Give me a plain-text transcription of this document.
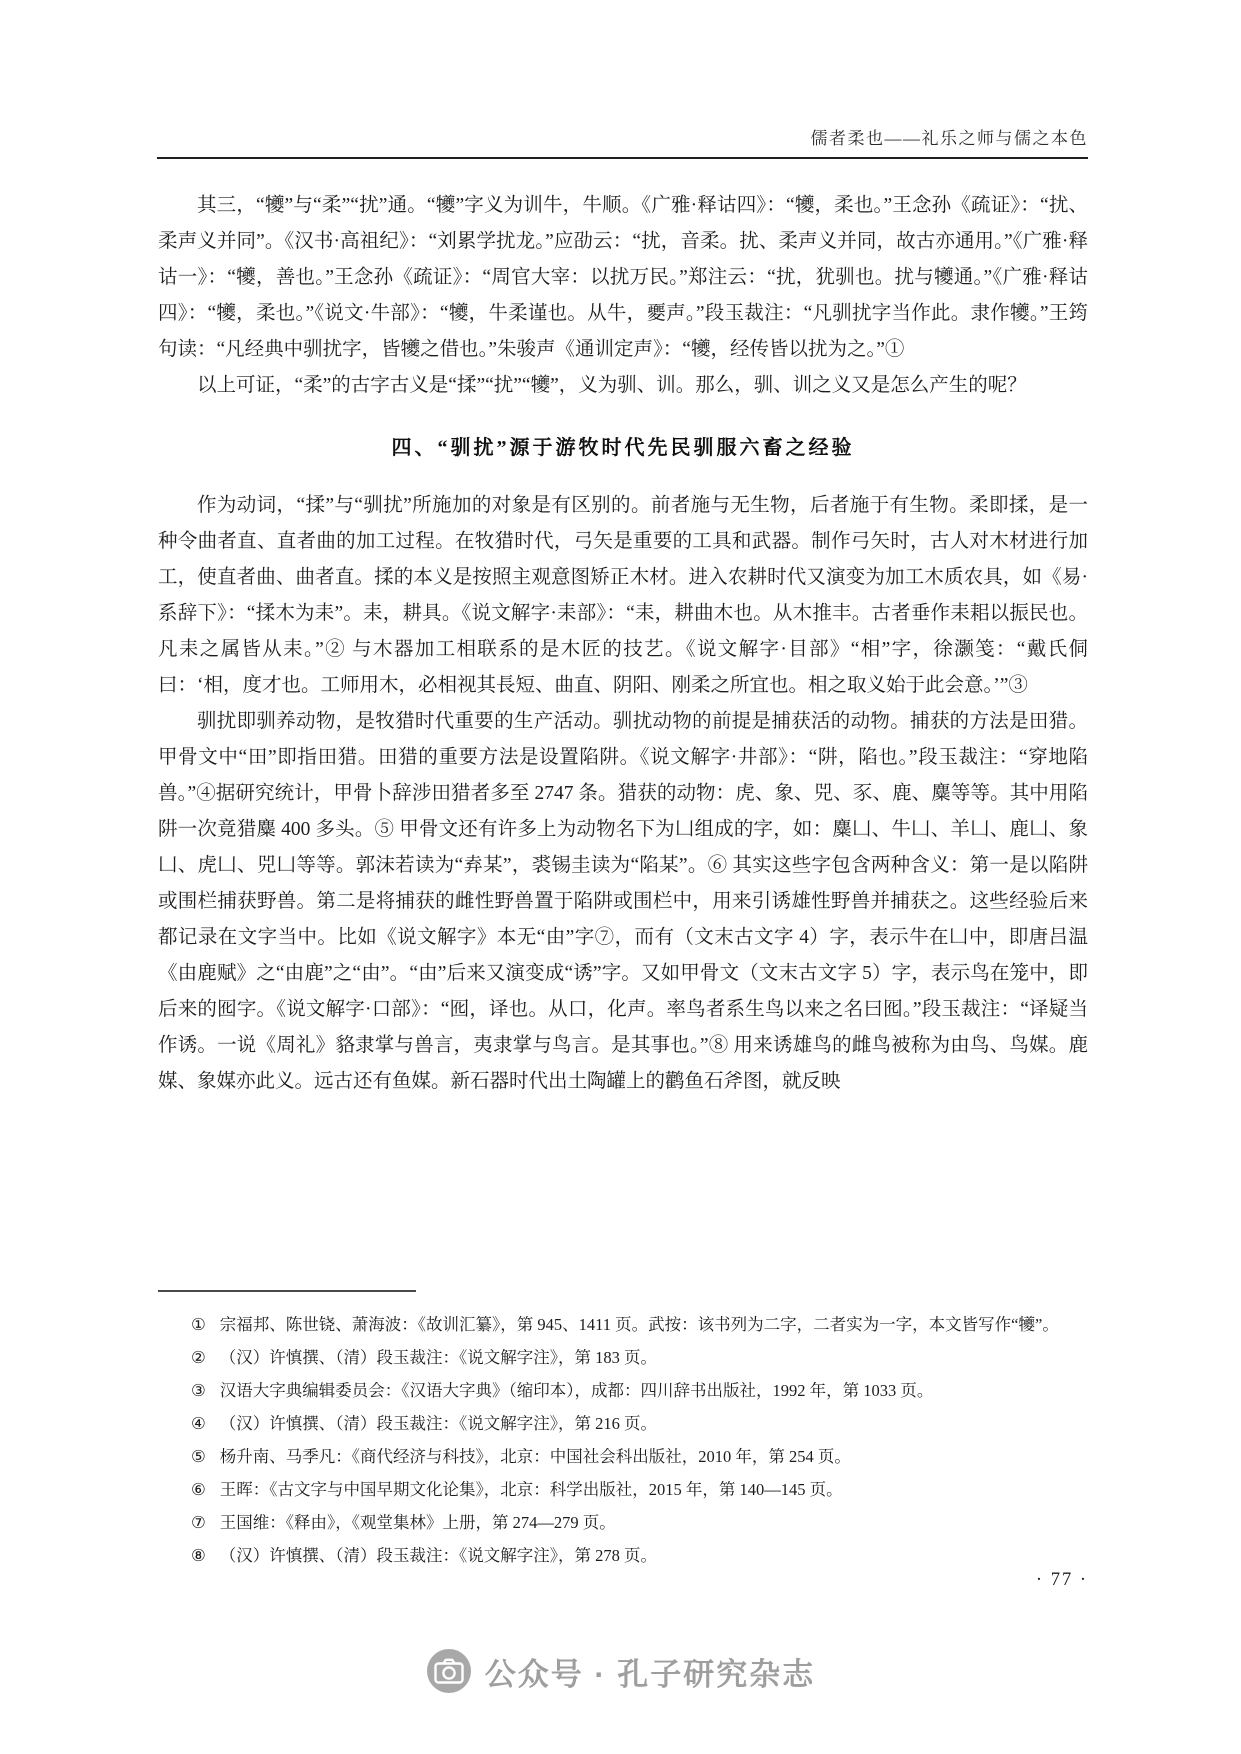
儒者柔也——礼乐之师与儒之本色

其三，“犪”与“柔”“扰”通。“犪”字义为训牛，牛顺。《广雅·释诂四》：“犪，柔也。”王念孙《疏证》：“扰、柔声义并同”。《汉书·高祖纪》：“刘累学扰龙。”应劭云：“扰，音柔。扰、柔声义并同，故古亦通用。”《广雅·释诂一》：“犪，善也。”王念孙《疏证》：“周官大宰：以扰万民。”郑注云：“扰，犹驯也。扰与犪通。”《广雅·释诂四》：“犪，柔也。”《说文·牛部》：“犪，牛柔谨也。从牛，夒声。”段玉裁注：“凡驯扰字当作此。隶作犪。”王筠句读：“凡经典中驯扰字，皆犪之借也。”朱骏声《通训定声》：“犪，经传皆以扰为之。”①

以上可证，“柔”的古字古义是“揉”“扰”“犪”，义为驯、训。那么，驯、训之义又是怎么产生的呢？

四、“驯扰”源于游牧时代先民驯服六畜之经验

作为动词，“揉”与“驯扰”所施加的对象是有区别的。前者施与无生物，后者施于有生物。柔即揉，是一种令曲者直、直者曲的加工过程。在牧猎时代，弓矢是重要的工具和武器。制作弓矢时，古人对木材进行加工，使直者曲、曲者直。揉的本义是按照主观意图矫正木材。进入农耕时代又演变为加工木质农具，如《易·系辞下》：“揉木为耒”。耒，耕具。《说文解字·耒部》：“耒，耕曲木也。从木推丰。古者垂作耒耜以振民也。凡耒之属皆从耒。”② 与木器加工相联系的是木匠的技艺。《说文解字·目部》“相”字，徐灏笺：“戴氏侗曰：‘相，度才也。工师用木，必相视其長短、曲直、阴阳、刚柔之所宜也。相之取义始于此会意。’”③

驯扰即驯养动物，是牧猎时代重要的生产活动。驯扰动物的前提是捕获活的动物。捕获的方法是田猎。甲骨文中“田”即指田猎。田猎的重要方法是设置陷阱。《说文解字·井部》：“阱，陷也。”段玉裁注：“穿地陷兽。”④据研究统计，甲骨卜辞涉田猎者多至 2747 条。猎获的动物：虎、象、兕、豕、鹿、麋等等。其中用陷阱一次竟猎麋 400 多头。⑤ 甲骨文还有许多上为动物名下为凵组成的字，如：麋凵、牛凵、羊凵、鹿凵、象凵、虎凵、兕凵等等。郭沫若读为“弆某”，裘锡圭读为“陷某”。⑥ 其实这些字包含两种含义：第一是以陷阱或围栏捕获野兽。第二是将捕获的雌性野兽置于陷阱或围栏中，用来引诱雄性野兽并捕获之。这些经验后来都记录在文字当中。比如《说文解字》本无“由”字⑦，而有（文末古文字 4）字，表示牛在凵中，即唐吕温《由鹿赋》之“由鹿”之“由”。“由”后来又演变成“诱”字。又如甲骨文（文末古文字 5）字，表示鸟在笼中，即后来的囮字。《说文解字·口部》：“囮，译也。从口，化声。率鸟者系生鸟以来之名曰囮。”段玉裁注：“译疑当作诱。一说《周礼》貉隶掌与兽言，夷隶掌与鸟言。是其事也。”⑧ 用来诱雄鸟的雌鸟被称为由鸟、鸟媒。鹿媒、象媒亦此义。远古还有鱼媒。新石器时代出土陶罐上的鹳鱼石斧图，就反映

① 宗福邦、陈世铙、萧海波：《故训汇纂》，第 945、1411 页。武按：该书列为二字，二者实为一字，本文皆写作“犪”。

② （汉）许慎撰、（清）段玉裁注：《说文解字注》，第 183 页。

③ 汉语大字典编辑委员会：《汉语大字典》（缩印本），成都：四川辞书出版社，1992 年，第 1033 页。

④ （汉）许慎撰、（清）段玉裁注：《说文解字注》，第 216 页。

⑤ 杨升南、马季凡：《商代经济与科技》，北京：中国社会科出版社，2010 年，第 254 页。

⑥ 王晖：《古文字与中国早期文化论集》，北京：科学出版社，2015 年，第 140—145 页。

⑦ 王国维：《释由》，《观堂集林》上册，第 274—279 页。

⑧ （汉）许慎撰、（清）段玉裁注：《说文解字注》，第 278 页。

· 77 ·
公众号 · 孔子研究杂志
